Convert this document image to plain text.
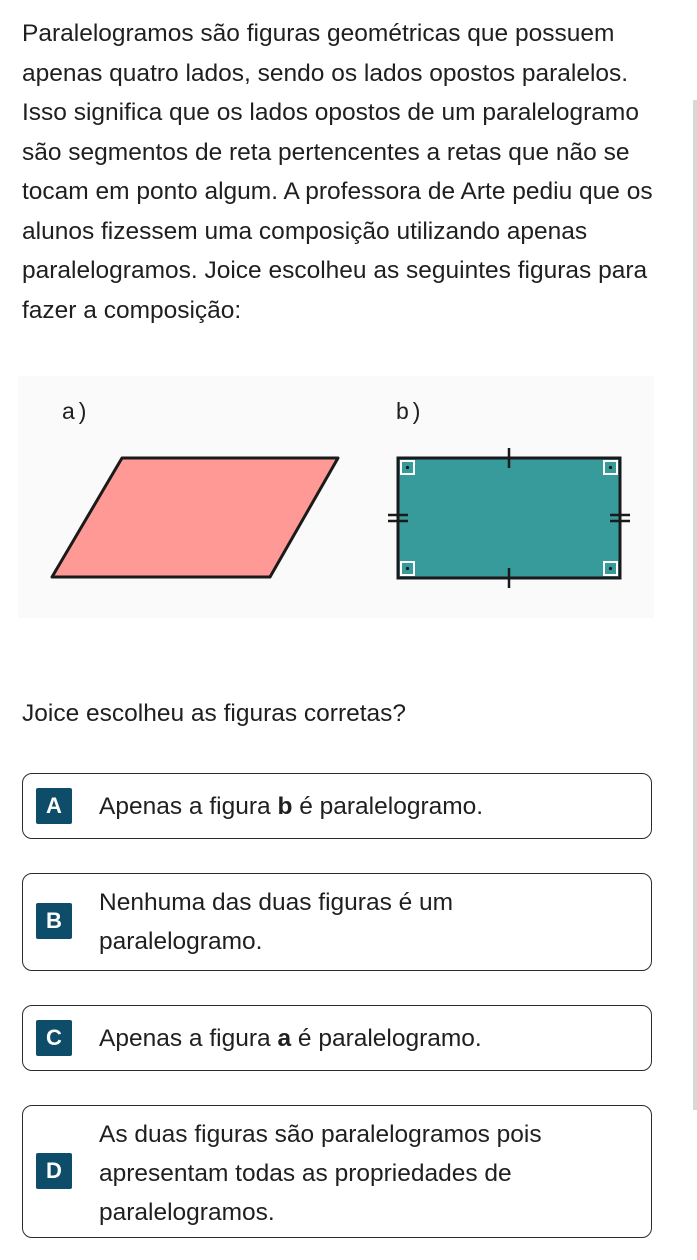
Paralelogramos são figuras geométricas que possuem apenas quatro lados, sendo os lados opostos paralelos. Isso significa que os lados opostos de um paralelogramo são segmentos de reta pertencentes a retas que não se tocam em ponto algum. A professora de Arte pediu que os alunos fizessem uma composição utilizando apenas paralelogramos. Joice escolheu as seguintes figuras para fazer a composição:

a)	b)

Joice escolheu as figuras corretas?

A	Apenas a figura b é paralelogramo.
B
Nenhuma das duas figuras é um
paralelogramo.
C	Apenas a figura a é paralelogramo.
D
As duas figuras são paralelogramos pois
apresentam todas as propriedades de
paralelogramos.
